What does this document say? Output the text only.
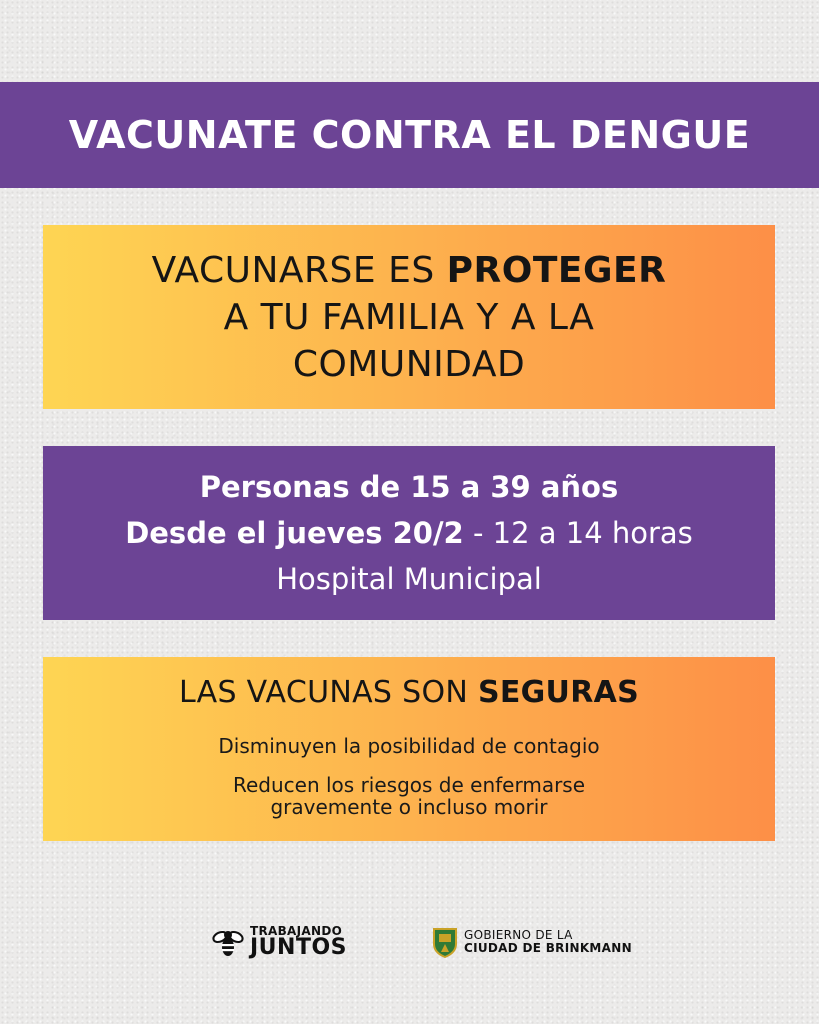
VACUNATE CONTRA EL DENGUE
VACUNARSE ES PROTEGER
A TU FAMILIA Y A LA
COMUNIDAD
Personas de 15 a 39 años
Desde el jueves 20/2 - 12 a 14 horas
Hospital Municipal
LAS VACUNAS SON SEGURAS
Disminuyen la posibilidad de contagio
Reducen los riesgos de enfermarse
gravemente o incluso morir
TRABAJANDO
JUNTOS
GOBIERNO DE LA
CIUDAD DE BRINKMANN
